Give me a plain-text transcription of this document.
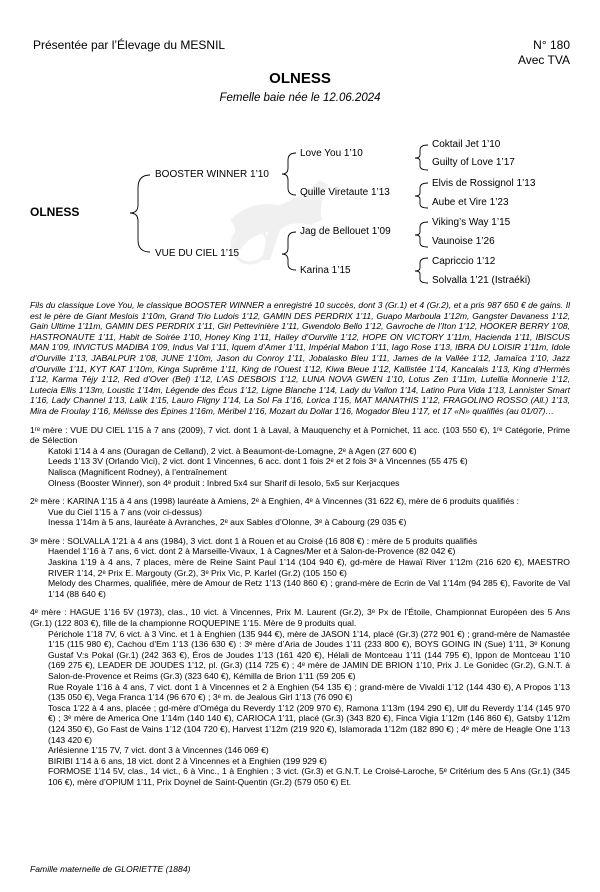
Présentée par l’Élevage du MESNIL	N° 180
Avec TVA
OLNESS
Femelle baie née le 12.06.2024
OLNESS
BOOSTER WINNER 1’10
VUE DU CIEL 1’15
Love You 1’10
Quille Viretaute 1’13
Jag de Bellouet 1’09
Karina 1’15
Coktail Jet 1’10
Guilty of Love 1’17
Elvis de Rossignol 1’13
Aube et Vire 1’23
Viking’s Way 1’15
Vaunoise 1’26
Capriccio 1’12
Solvalla 1’21 (Istraéki)

Fils du classique Love You, le classique BOOSTER WINNER a enregistré 10 succès, dont 3 (Gr.1) et 4 (Gr.2), et a pris 987 650 € de gains. Il est le père de Giant Meslois 1’10m, Grand Trio Ludois 1’12, GAMIN DES PERDRIX 1’11, Guapo Marboula 1’12m, Gangster Davaness 1’12, Gain Ultime 1’11m, GAMIN DES PERDRIX 1’11, Girl Pettevinière 1’11, Gwendolo Bello 1’12, Gavroche de l’Iton 1’12, HOOKER BERRY 1’08, HASTRONAUTE 1’11, Habit de Soirée 1’10, Honey King 1’11, Hailey d’Ourville 1’12, HOPE ON VICTORY 1’11m, Hacienda 1’11, IBISCUS MAN 1’09, INVICTUS MADIBA 1’09, Indus Val 1’11, Iquem d’Amer 1’11, Impérial Mabon 1’11, Iago Rose 1’13, IBRA DU LOISIR 1’11m, Idole d’Ourville 1’13, JABALPUR 1’08, JUNE 1’10m, Jason du Conroy 1’11, Jobalasko Bleu 1’11, James de la Vallée 1’12, Jamaïca 1’10, Jazz d’Ourville 1’11, KYT KAT 1’10m, Kinga Suprême 1’11, King de l’Ouest 1’12, Kiwa Bleue 1’12, Kallistée 1’14, Kancalais 1’13, King d’Hermès 1’12, Karma Téjy 1’12, Red d’Over (Bel) 1’12, L’AS DESBOIS 1’12, LUNA NOVA GWEN 1’10, Lotus Zen 1’11m, Lutellia Monnerie 1’12, Lutecia Ellis 1’13m, Loustic 1’14m, Légende des Écus 1’12, Ligne Blanche 1’14, Lady du Vallon 1’14, Latino Pura Vida 1’13, Lannister Smart 1’16, Lady Channel 1’13, Lalik 1’15, Lauro Fligny 1’14, La Sol Fa 1’16, Lorica 1’15, MAT MANATHIS 1’12, FRAGOLINO ROSSO (All.) 1’13, Mira de Froulay 1’16, Mélisse des Épines 1’16m, Méribel 1’16, Mozart du Dollar 1’16, Mogador Bleu 1’17, et 17 «N» qualifiés (au 01/07)…

1ʳᵉ mère : VUE DU CIEL 1’15 à 7 ans (2009), 7 vict. dont 1 à Laval, à Mauquenchy et à Pornichet, 11 acc. (103 550 €), 1ʳᵉ Catégorie, Prime de Sélection

Katoki 1’14 à 4 ans (Ouragan de Celland), 2 vict. à Beaumont-de-Lomagne, 2ᵉ à Agen (27 600 €)

Leeds 1’13 3V (Orlando Vici), 2 vict. dont 1 Vincennes, 6 acc. dont 1 fois 2ᵉ et 2 fois 3ᵉ à Vincennes (55 475 €)

Nalisca (Magnificent Rodney), à l’entraînement

Olness (Booster Winner), son 4ᵉ produit : Inbred 5x4 sur Sharif di Iesolo, 5x5 sur Kerjacques

2ᵉ mère : KARINA 1’15 à 4 ans (1998) lauréate à Amiens, 2ᵉ à Enghien, 4ᵉ à Vincennes (31 622 €), mère de 6 produits qualifiés :

Vue du Ciel 1’15 à 7 ans (voir ci-dessus)

Inessa 1’14m à 5 ans, lauréate à Avranches, 2ᵉ aux Sables d’Olonne, 3ᵉ à Cabourg (29 035 €)

3ᵉ mère : SOLVALLA 1’21 à 4 ans (1984), 3 vict. dont 1 à Rouen et au Croisé (16 808 €) : mère de 5 produits qualifiés

Haendel 1’16 à 7 ans, 6 vict. dont 2 à Marseille-Vivaux, 1 à Cagnes/Mer et à Salon-de-Provence (82 042 €)

Jaskina 1’19 à 4 ans, 7 places, mère de Reine Saint Paul 1’14 (104 940 €), gd-mère de Hawaï River 1’12m (216 620 €), MAESTRO RIVER 1’14, 2ᵉ Prix E. Margouty (Gr.2), 3ᵉ Prix Vic, P. Karlel (Gr.2) (105 150 €)

Melody des Charmes, qualifiée, mère de Amour de Retz 1’13 (140 860 €) ; grand-mère de Ecrin de Val 1’14m (94 285 €), Favorite de Val 1’14 (88 640 €)

4ᵉ mère : HAGUE 1’16 5V (1973), clas., 10 vict. à Vincennes, Prix M. Laurent (Gr.2), 3ᵉ Px de l’Étoile, Championnat Européen des 5 Ans (Gr.1) (122 803 €), fille de la championne ROQUEPINE 1’15. Mère de 9 produits qual.

Périchole 1’18 7V, 6 vict. à 3 Vinc. et 1 à Enghien (135 944 €), mère de JASON 1’14, placé (Gr.3) (272 901 €) ; grand-mère de Namastée 1’15 (115 980 €), Cachou d’Em 1’13 (136 630 €) : 3ᵉ mère d’Aria de Joudes 1’11 (233 800 €), BOYS GOING IN (Sue) 1’11, 3ᵉ Konung Gustaf V:s Pokal (Gr.1) (242 363 €), Éros de Joudes 1’13 (161 420 €), Hélali de Montceau 1’11 (144 795 €), Ippon de Montceau 1’10 (169 275 €), LEADER DE JOUDES 1’12, pl. (Gr.3) (114 725 €) ; 4ᵉ mère de JAMIN DE BRION 1’10, Prix J. Le Gonidec (Gr.2), G.N.T. à Salon-de-Provence et Reims (Gr.3) (323 640 €), Kémilla de Brion 1’11 (59 205 €)

Rue Royale 1’16 à 4 ans, 7 vict. dont 1 à Vincennes et 2 à Enghien (54 135 €) ; grand-mère de Vivaldi 1’12 (144 430 €), A Propos 1’13 (135 050 €), Vega Franca 1’14 (96 670 €) ; 3ᵉ m. de Jealous Girl 1’13 (76 090 €)

Tosca 1’22 à 4 ans, placée ; gd-mère d’Oméga du Reverdy 1’12 (209 970 €), Ramona 1’13m (194 290 €), Ulf du Reverdy 1’14 (145 970 €) ; 3ᵉ mère de America One 1’14m (140 140 €), CARIOCA 1’11, placé (Gr.3) (343 820 €), Finca Vigia 1’12m (146 860 €), Gatsby 1’12m (124 350 €), Go Fast de Vains 1’12 (104 720 €), Harvest 1’12m (219 920 €), Islamorada 1’12m (182 890 €) ; 4ᵉ mère de Heagle One 1’13 (143 420 €)

Arlésienne 1’15 7V, 7 vict. dont 3 à Vincennes (146 069 €)

BIRIBI 1’14 à 6 ans, 18 vict. dont 2 à Vincennes et à Enghien (199 929 €)

FORMOSE 1’14 5V, clas., 14 vict., 6 à Vinc., 1 à Enghien ; 3 vict. (Gr.3) et G.N.T. Le Croisé-Laroche, 5ᵉ Critérium des 5 Ans (Gr.1) (345 106 €), mère d’OPIUM 1’11, Prix Doynel de Saint-Quentin (Gr.2) (579 050 €) Et.

Famille maternelle de GLORIETTE (1884)
